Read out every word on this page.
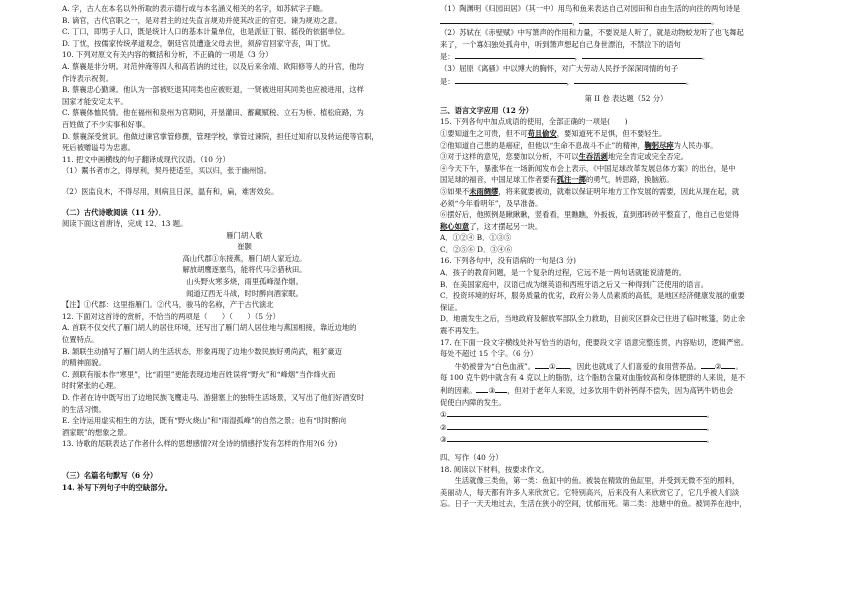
A. 字，古人在本名以外所取的表示德行或与本名涵义相关的名字，如苏轼字子瞻。

B. 谪官，古代官职之一，是对君主的过失直言规劝并使其改正的官吏。谏为规劝之意。

C. 丁口，即男子人口，既是统计人口的基本计量单位，也是派征丁银、摇役的依据单位。

D. 丁忧，按儒家传统孝道观念，朝廷官员遭逢父母去世，须辞官回家守丧，叫丁忧。

10. 下列对原文有关内容的概括和分析，不正确的一项是（3 分）

A. 蔡襄是非分明。对范仲淹等四人和高若讷的过往，以及后来余靖、欧阳修等人的升官，他均

作诗表示祝贺。

B. 蔡襄忠心勤谏。他认为一部被贬退其同类也应被贬退，一贤被进用其同类也应被进用，这样

国家才能安定太平。

C. 蔡襄体恤民情。他在福州和泉州为官期间，开垦灌田、蓄藏赋税、立石为桥、植松庇路，为

百姓做了不少实事和好事。

D. 蔡襄深受赏识。他做过谏官掌管修撰，管理学校，掌管过谏院，担任过知府以及转运使等官职，

死后被赠谥号为忠惠。

11. 把文中画横线的句子翻译成现代汉语。（10 分）

（1）鬻书者市之，得厚利，契丹使适至，买以归，张于幽州馆。

（2）医监良木，不得尽用，则病且日深，温有和，扁，难害效矣。

（二）古代诗歌阅读（11 分）．

阅读下面这首唐诗，完成 12、13 题。

雁门胡人歌

崔颢

高山代郡①东接燕，雁门胡人家近边。

解放胡鹰逐塞鸟，能将代马②猎秋田。

山头野火寒多烧，雨里孤峰湿作烟。

闻道辽西无斗战，时时醉向酒家眠。

【注】①代郡：这里指雁门。②代马，骏马的名称，产于古代演北

12. 下面对这首诗的赏析，不恰当的两项是（　　）（　　）（5 分）

A. 首联不仅交代了雁门胡人的居住环境，还写出了雁门胡人居住地与燕国相接，靠近边地的

位置特点。

B. 颔联生动描写了雁门胡人的生活状态，形象再现了边地少数民族好勇尚武，粗犷豪迈

的精神面貌。

C. 颈联有版本作“寒里”，比“雨里”更能表现边地百姓误将“野火”和“峰烟”当作烽火而

时时紧张的心理。

D. 作者在诗中既写出了边地民族飞鹰走马、游猎塞上的独特生活场景，又写出了他们好酒安时

的生活习惯。

E. 全诗运用虚实相生的方法，既有“野火烧山”和“雨湿孤峰”的自然之景；也有“时时醉向

酒家眠”的想象之景。

13. 诗歌的尾联表达了作者什么样的思想感情?对全诗的情感抒发有怎样的作用?(6 分)

（三）名篇名句默写（6 分）

14. 补写下列句子中的空缺部分。

（1）陶渊明《归园田居》（其一中）用鸟和鱼来表达自己对园田和自由生活的向往的两句诗是

，	。

（2）苏轼在《赤壁赋》中写箫声的作用和力量，不要说是人听了，就是动物蛟龙听了也飞舞起

来了，一个寡妇独处孤舟中，听到箫声想起自己身世漂泊，不禁泣下的语句

是：	，	。

（3）屈原《离骚》中以博大的胸怀，对广大劳动人民抒予深深同情的句子

是：	，	。

第 II 卷 表达题（52 分）

三、语言文字应用（12 分）

15. 下列各句中加点成语的使用，全部正确的一项是(　　)

①要知道生之可贵，但不可苟且偷安，要知道死不足惧，但不要轻生。

②他知道自己患的是癌症，但他以“生命不息战斗不止”的精神，鞠躬尽瘁为人民办事。

③对于这样的意见，您要加以分析，不可以生吞活剥地完全肯定或完全否定。

④今天下午，暴涨华在一场新闻发布会上表示，《中国足球改革发展总体方案》的出台，是中

国足球的福音，中国足球工作者要有孤注一掷的勇气，转思路，换脑筋。

⑤如果不未雨绸缪，将来就要被动，就难以保证明年地方工作发展的需要，因此从现在起，就

必须“今年看明年”，及早准备。

⑥摆好后，他照例是瞅瞅瞅，竖看看，里瞧瞧，外扳扳，直到那砖砖平整直了，他自己也觉得

称心如意了，这才摆起另一块。

A．①②④ B．①③⑤

C．②⑤⑥ D．③④⑥

16. 下列各句中，没有语病的一句是(3 分)

A．孩子的教育问题，是一个复杂的过程，它远不是一两句话就能说清楚的。

B．在美国家庭中，汉语已成为继英语和西班牙语之后又一种得到广泛使用的语言。

C．投资环境的好坏，服务质量的优劣，政府公务人员素质的高低，是地区经济健康发展的重要

保证。

D．地震发生之后，当地政府及解放军部队全力救助，目前灾区群众已住进了临时帐篷，防止余

震不再发生。

17. 在下面一段文字横线处补写恰当的语句，使要段文字 语意完整连贯，内容贴切，逻辑严密。

每处不超过 15 个字。（6 分）

　　牛奶被誉为“白色血液”。 ① ，因此也就成了人们喜爱的食用营养品。 ② 。

每 100 克牛奶中就含有 4 克以上的脂肪，这个脂肪含量对血脂较高和身体肥胖的人来说，是不

利的因素。 ③ ，但对于老年人来说，过多饮用牛奶补钙得不偿失，因为高钙牛奶也会

促使白内障的发生。

①	。

②	。

③	。

四、写作（40 分）

18. 阅读以下材料，按要求作文。

　　生活就像三类鱼，第一类：鱼缸中的鱼。被装在精致的鱼缸里，并受到无微不至的照料，

美丽动人，每天都有许多人来欣赏它。它特别高兴，后来没有人来欣赏它了，它几乎被人们淡

忘。日子一天天地过去，生活在狭小的空间，忧郁而死。第二类：池塘中的鱼。被饲养在池中，
